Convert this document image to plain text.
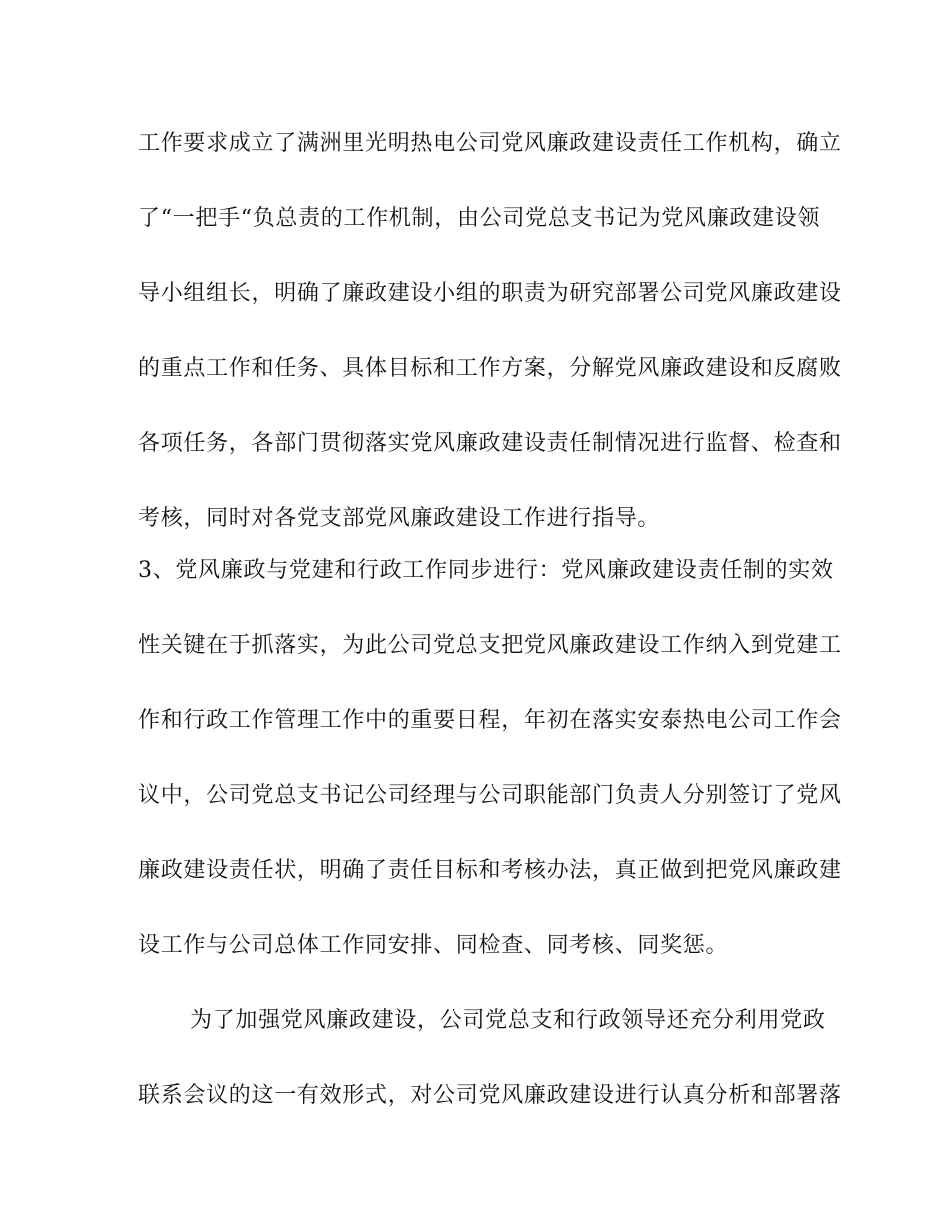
工作要求成立了满洲里光明热电公司党风廉政建设责任工作机构，确立
了“一把手“负总责的工作机制，由公司党总支书记为党风廉政建设领
导小组组长，明确了廉政建设小组的职责为研究部署公司党风廉政建设
的重点工作和任务、具体目标和工作方案，分解党风廉政建设和反腐败
各项任务，各部门贯彻落实党风廉政建设责任制情况进行监督、检查和
考核，同时对各党支部党风廉政建设工作进行指导。
3、党风廉政与党建和行政工作同步进行：党风廉政建设责任制的实效
性关键在于抓落实，为此公司党总支把党风廉政建设工作纳入到党建工
作和行政工作管理工作中的重要日程，年初在落实安泰热电公司工作会
议中，公司党总支书记公司经理与公司职能部门负责人分别签订了党风
廉政建设责任状，明确了责任目标和考核办法，真正做到把党风廉政建
设工作与公司总体工作同安排、同检查、同考核、同奖惩。
为了加强党风廉政建设，公司党总支和行政领导还充分利用党政
联系会议的这一有效形式，对公司党风廉政建设进行认真分析和部署落
